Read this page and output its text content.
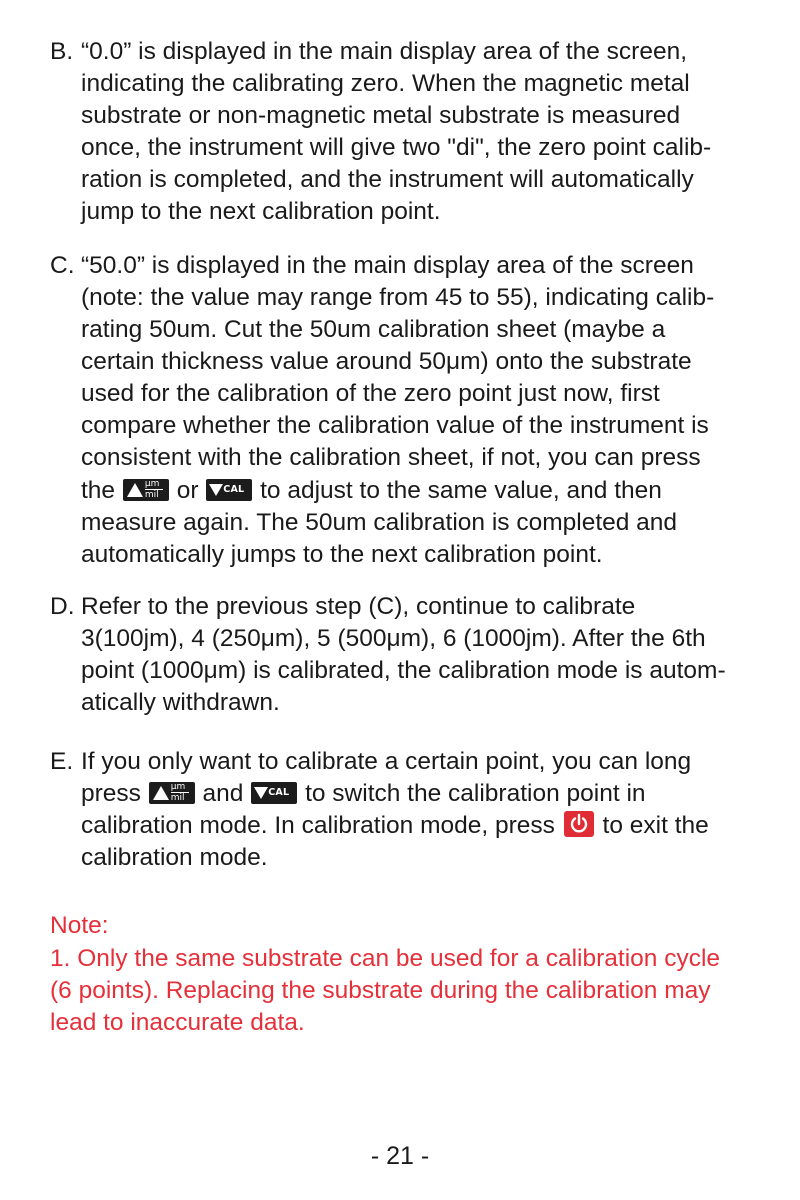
B. “0.0” is displayed in the main display area of the screen,
indicating the calibrating zero. When the magnetic metal
substrate or non-magnetic metal substrate is measured
once, the instrument will give two "di", the zero point calib-
ration is completed, and the instrument will automatically
jump to the next calibration point.
C. “50.0” is displayed in the main display area of the screen
(note: the value may range from 45 to 55), indicating calib-
rating 50um. Cut the 50um calibration sheet (maybe a
certain thickness value around 50μm) onto the substrate
used for the calibration of the zero point just now, first
compare whether the calibration value of the instrument is
consistent with the calibration sheet, if not, you can press
the	μm
mil or	CAL to adjust to the same value, and then
measure again. The 50um calibration is completed and
automatically jumps to the next calibration point.
D. Refer to the previous step (C), continue to calibrate
3(100jm), 4 (250μm), 5 (500μm), 6 (1000jm). After the 6th
point (1000μm) is calibrated, the calibration mode is autom-
atically withdrawn.
E. If you only want to calibrate a certain point, you can long
press	μm
mil and	CAL to switch the calibration point in
calibration mode. In calibration mode, press to exit the
calibration mode.
Note:
1. Only the same substrate can be used for a calibration cycle
(6 points). Replacing the substrate during the calibration may
lead to inaccurate data.
- 21 -
